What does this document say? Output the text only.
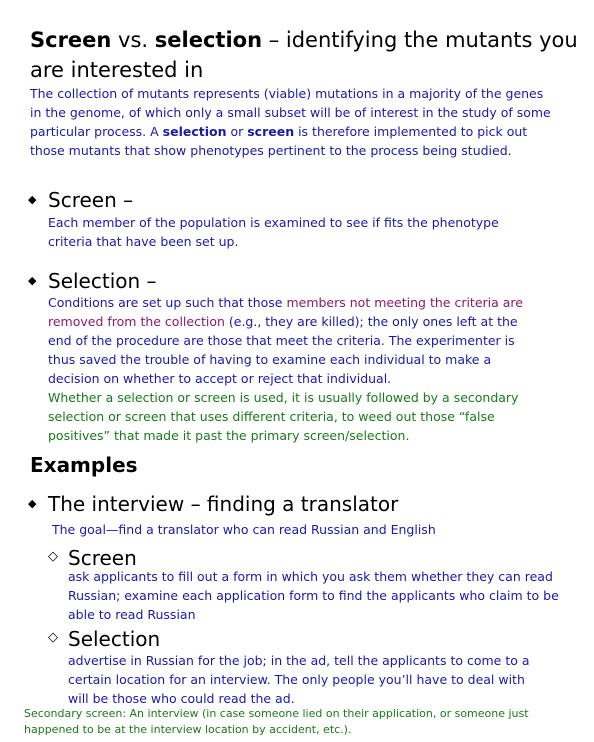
Screen vs. selection – identifying the mutants you
are interested in
The collection of mutants represents (viable) mutations in a majority of the genes
in the genome, of which only a small subset will be of interest in the study of some
particular process. A selection or screen is therefore implemented to pick out
those mutants that show phenotypes pertinent to the process being studied.
◆ Screen –
Each member of the population is examined to see if fits the phenotype
criteria that have been set up.
◆ Selection –
Conditions are set up such that those members not meeting the criteria are
removed from the collection (e.g., they are killed); the only ones left at the
end of the procedure are those that meet the criteria. The experimenter is
thus saved the trouble of having to examine each individual to make a
decision on whether to accept or reject that individual.
Whether a selection or screen is used, it is usually followed by a secondary
selection or screen that uses different criteria, to weed out those “false
positives” that made it past the primary screen/selection.
Examples
◆ The interview – finding a translator
The goal—find a translator who can read Russian and English
◇ Screen
ask applicants to fill out a form in which you ask them whether they can read
Russian; examine each application form to find the applicants who claim to be
able to read Russian
◇ Selection
advertise in Russian for the job; in the ad, tell the applicants to come to a
certain location for an interview. The only people you’ll have to deal with
will be those who could read the ad.
Secondary screen: An interview (in case someone lied on their application, or someone just
happened to be at the interview location by accident, etc.).
